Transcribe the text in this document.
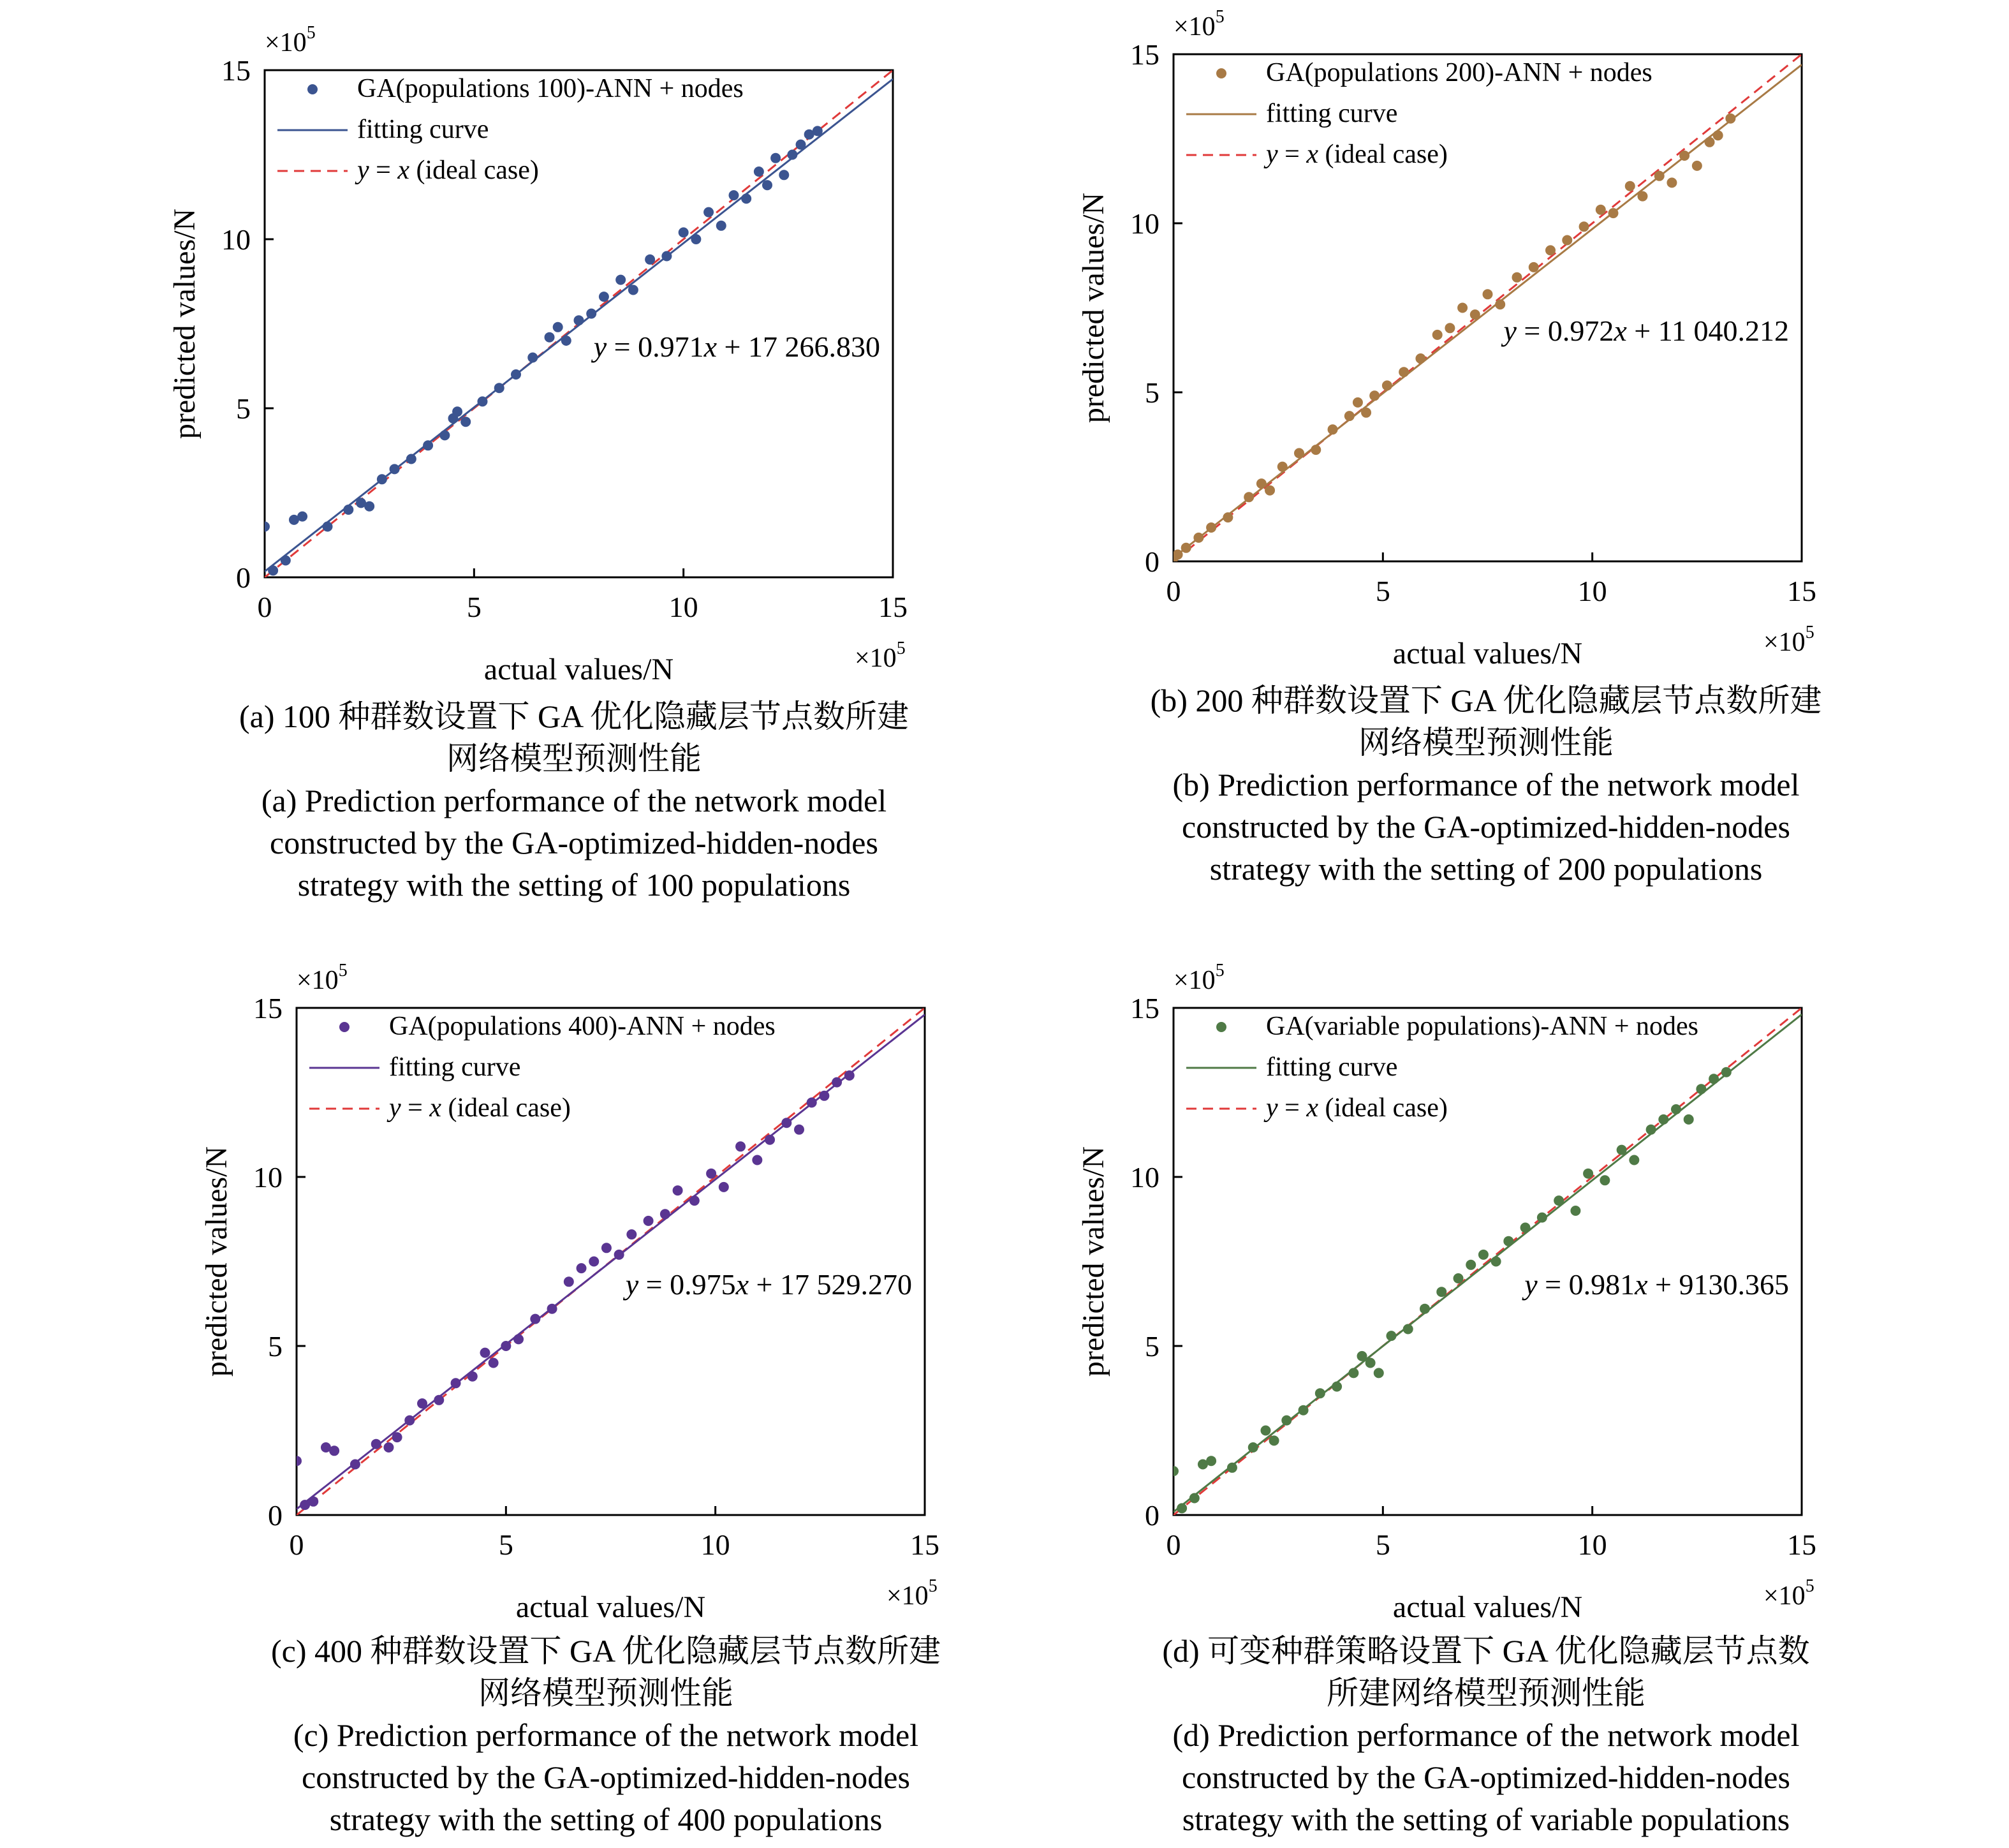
0	5	10	15
0
5
10
15
$\times 10^5$
$\times 10^5$
actual values/N
predicted values/N
GA(populations 100)-ANN + nodes
fitting curve
y = x (ideal case)
y = 0.971x + 17 266.830
0	5	10	15
0
5
10
15
$\times 10^5$
$\times 10^5$
actual values/N
predicted values/N
GA(populations 200)-ANN + nodes
fitting curve
y = x (ideal case)
y = 0.972x + 11 040.212
0	5	10	15
0
5
10
15
$\times 10^5$
$\times 10^5$
actual values/N
predicted values/N
GA(populations 400)-ANN + nodes
fitting curve
y = x (ideal case)
y = 0.975x + 17 529.270
0	5	10	15
0
5
10
15
$\times 10^5$
$\times 10^5$
actual values/N
predicted values/N
GA(variable populations)-ANN + nodes
fitting curve
y = x (ideal case)
y = 0.981x + 9130.365
(a) 100 种群数设置下 GA 优化隐藏层节点数所建
网络模型预测性能
(a) Prediction performance of the network model
constructed by the GA-optimized-hidden-nodes
strategy with the setting of 100 populations
(b) 200 种群数设置下 GA 优化隐藏层节点数所建
网络模型预测性能
(b) Prediction performance of the network model
constructed by the GA-optimized-hidden-nodes
strategy with the setting of 200 populations
(c) 400 种群数设置下 GA 优化隐藏层节点数所建
网络模型预测性能
(c) Prediction performance of the network model
constructed by the GA-optimized-hidden-nodes
strategy with the setting of 400 populations
(d) 可变种群策略设置下 GA 优化隐藏层节点数
所建网络模型预测性能
(d) Prediction performance of the network model
constructed by the GA-optimized-hidden-nodes
strategy with the setting of variable populations
